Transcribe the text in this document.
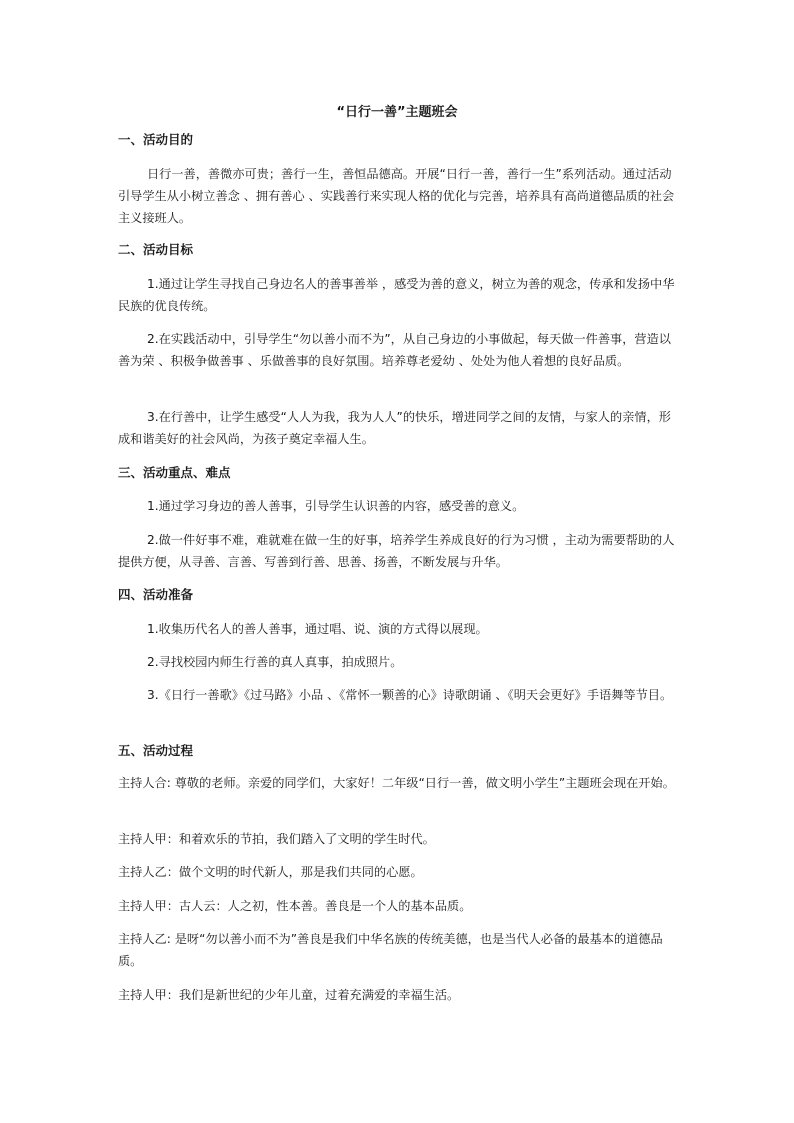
“日行一善”主题班会
一、活动目的
日行一善，善微亦可贵；善行一生，善恒品德高。开展“日行一善，善行一生”系列活动。通过活动引导学生从小树立善念 、拥有善心 、实践善行来实现人格的优化与完善，培养具有高尚道德品质的社会主义接班人。
二、活动目标
1.通过让学生寻找自己身边名人的善事善举 ，感受为善的意义，树立为善的观念，传承和发扬中华民族的优良传统。
2.在实践活动中，引导学生“勿以善小而不为”，从自己身边的小事做起，每天做一件善事，营造以善为荣 、积极争做善事 、乐做善事的良好氛围。培养尊老爱幼 、处处为他人着想的良好品质。
3.在行善中，让学生感受“人人为我，我为人人”的快乐，增进同学之间的友情，与家人的亲情，形成和谐美好的社会风尚，为孩子奠定幸福人生。
三、活动重点、难点
1.通过学习身边的善人善事，引导学生认识善的内容，感受善的意义。
2.做一件好事不难，难就难在做一生的好事，培养学生养成良好的行为习惯 ，主动为需要帮助的人提供方便，从寻善、言善、写善到行善、思善、扬善，不断发展与升华。
四、活动准备
1.收集历代名人的善人善事，通过唱、说、演的方式得以展现。
2.寻找校园内师生行善的真人真事，拍成照片。
3.《日行一善歌》《过马路》小品 、《常怀一颗善的心》诗歌朗诵 、《明天会更好》手语舞等节目。
五、活动过程
主持人合: 尊敬的老师。亲爱的同学们，大家好！二年级“日行一善，做文明小学生”主题班会现在开始。
主持人甲：和着欢乐的节拍，我们踏入了文明的学生时代。
主持人乙：做个文明的时代新人，那是我们共同的心愿。
主持人甲：古人云：人之初，性本善。善良是一个人的基本品质。
主持人乙: 是呀“勿以善小而不为”善良是我们中华名族的传统美德，也是当代人必备的最基本的道德品质。
主持人甲：我们是新世纪的少年儿童，过着充满爱的幸福生活。
